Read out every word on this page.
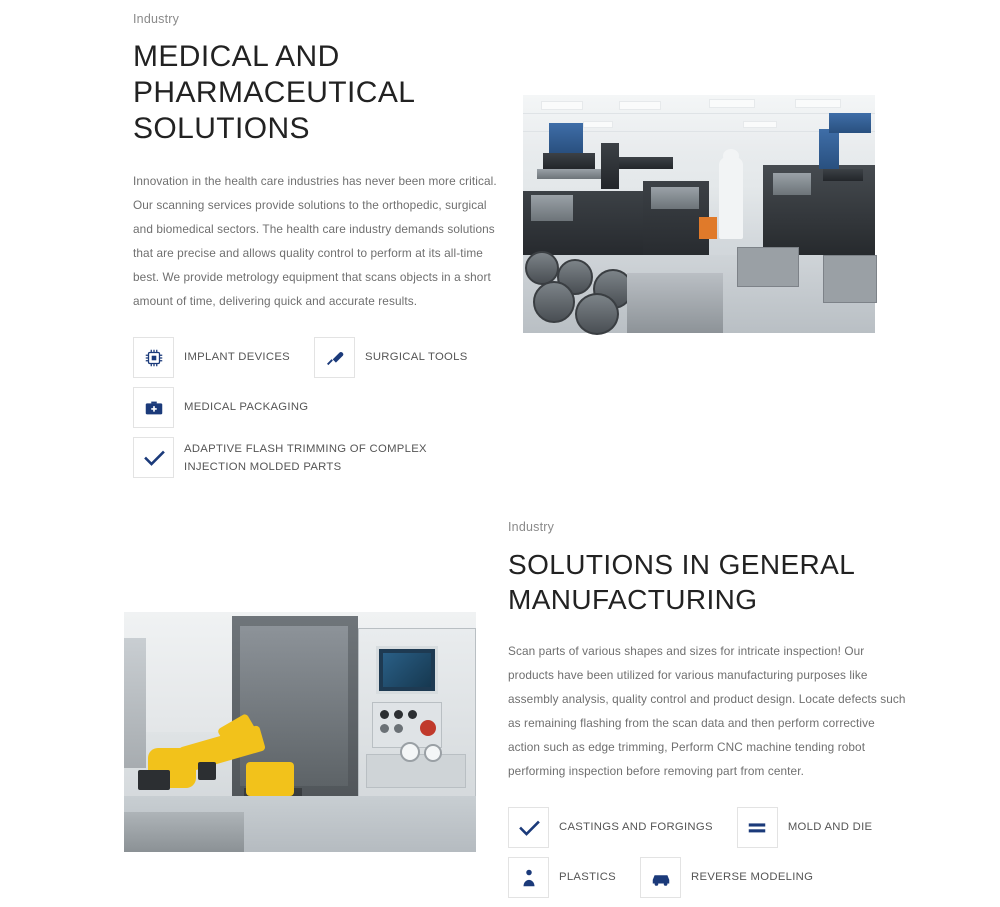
Industry
MEDICAL AND PHARMACEUTICAL SOLUTIONS

Innovation in the health care industries has never been more critical. Our scanning services provide solutions to the orthopedic, surgical and biomedical sectors. The health care industry demands solutions that are precise and allows quality control to perform at its all-time best. We provide metrology equipment that scans objects in a short amount of time, delivering quick and accurate results.

IMPLANT DEVICES	SURGICAL TOOLS
MEDICAL PACKAGING
ADAPTIVE FLASH TRIMMING OF COMPLEX INJECTION MOLDED PARTS
Industry
SOLUTIONS IN GENERAL MANUFACTURING

Scan parts of various shapes and sizes for intricate inspection! Our products have been utilized for various manufacturing purposes like assembly analysis, quality control and product design. Locate defects such as remaining flashing from the scan data and then perform corrective action such as edge trimming, Perform CNC machine tending robot performing inspection before removing part from center.

CASTINGS AND FORGINGS	MOLD AND DIE
PLASTICS	REVERSE MODELING
